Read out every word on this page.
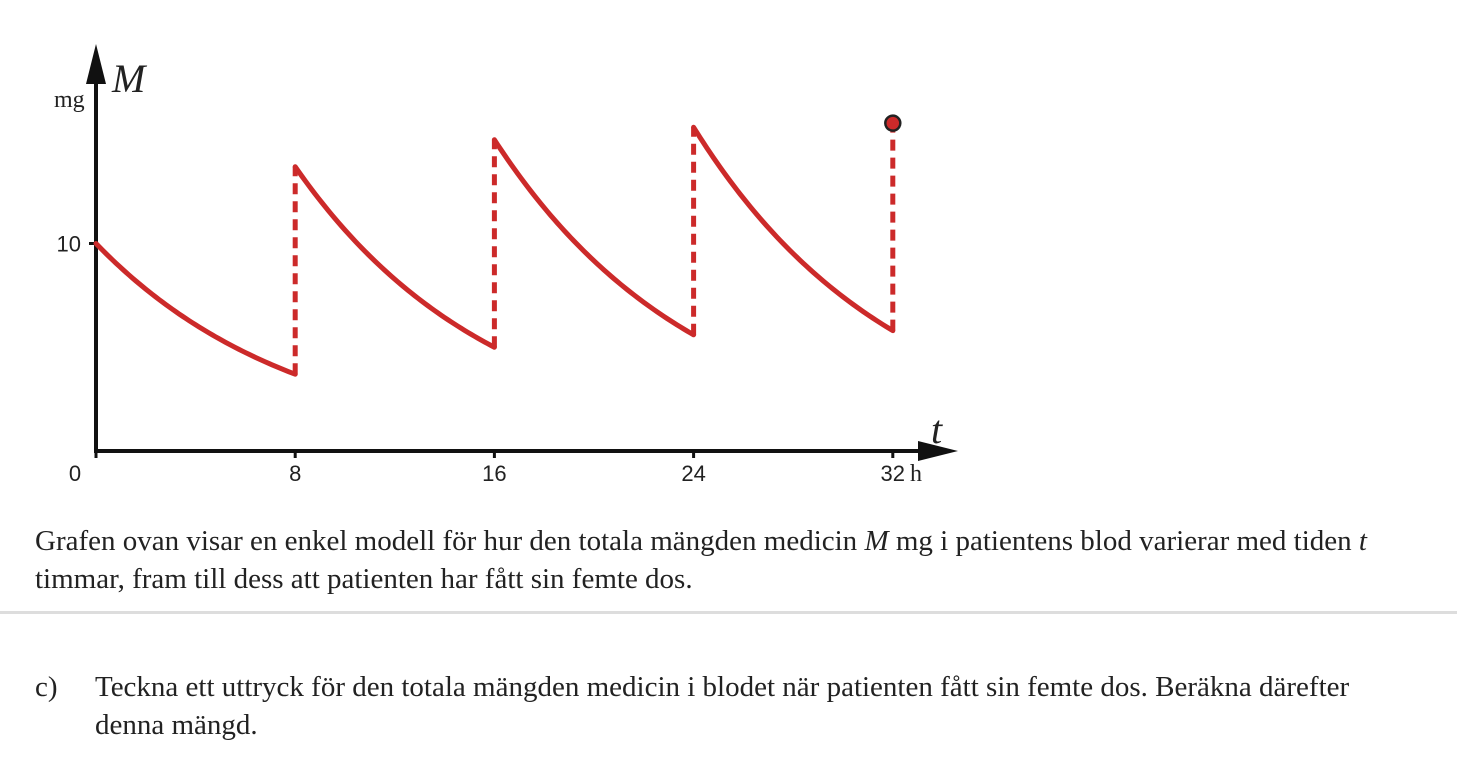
mg M
t
h
0	8	16	24	32
10

Grafen ovan visar en enkel modell för hur den totala mängden medicin M mg i patientens blod varierar med tiden t timmar, fram till dess att patienten har fått sin femte dos.

c) Teckna ett uttryck för den totala mängden medicin i blodet när patienten fått sin femte dos. Beräkna därefter denna mängd.
